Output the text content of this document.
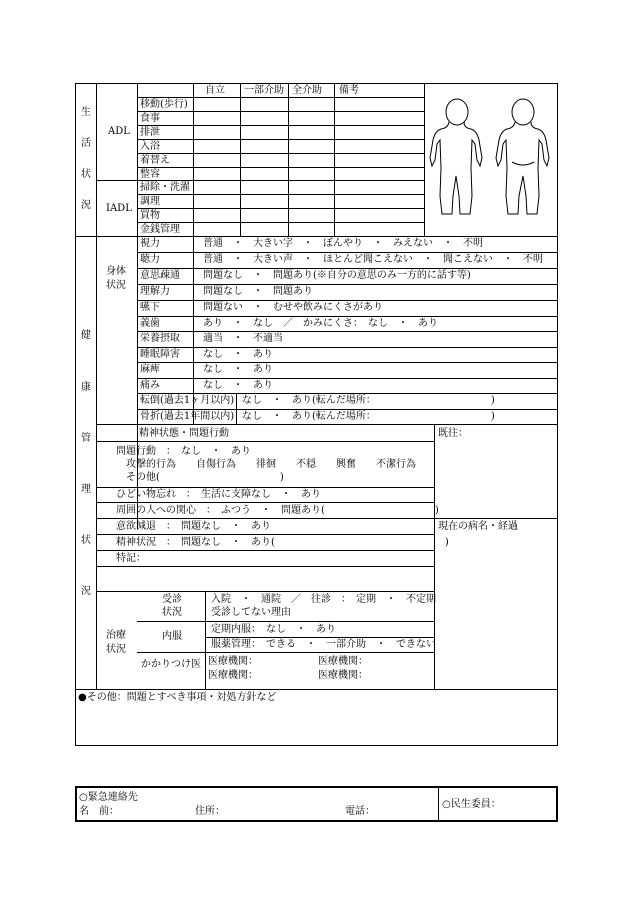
生
活
状
況
ADL
IADL
自立 一部介助 全介助 備考
移動(歩行)
食事
排泄
入浴
着替え
整容
掃除・洗濯
調理
買物
金銭管理
健
康
管
理
状
況
身体
状況
視力	普通　・　大きい字　・　ぼんやり　・　みえない　・　不明
聴力	普通　・　大きい声　・　ほとんど聞こえない　・　聞こえない　・　不明
意思疎通 問題なし　・　問題あり(※自分の意思のみ一方的に話す等)
理解力	問題なし　・　問題あり
嚥下	問題ない　・　むせや飲みにくさがあり
義歯	あり　・　なし　／　かみにくさ：　なし　・　あり
栄養摂取 適当　・　不適当
睡眠障害 なし　・　あり
麻痺	なし　・　あり
痛み	なし　・　あり
転倒(過去1ヶ月以内) なし　・　あり(転んだ場所：　　　　　　　　　　　　)
骨折(過去1年間以内) なし　・　あり(転んだ場所：　　　　　　　　　　　　)
精神状態・問題行動	既往：
問題行動　：　なし　・　あり
攻撃的行為　　自傷行為　　徘徊　　不穏　　興奮　　不潔行為
その他(　　　　　　　　　　　　)
ひどい物忘れ　：　生活に支障なし　・　あり
周囲の人への関心　：　ふつう　・　問題あり(　　　　　　　　　　　)
意欲減退　：　問題なし　・　あり	現在の病名・経過
精神状況　：　問題なし　・　あり(　　　　　　　　　　　　　　　　　)
特記：
治療
状況
受診
状況
入院　・　通院　／　往診　：　定期　・　不定期
受診してない理由
内服
定期内服：　なし　・　あり
服薬管理：　できる　・　一部介助　・　できない
かかりつけ医 医療機関：	医療機関：
医療機関：	医療機関：
●その他：問題とすべき事項・対処方針など
○緊急連絡先
名　前：	住所：	電話：
○民生委員：
